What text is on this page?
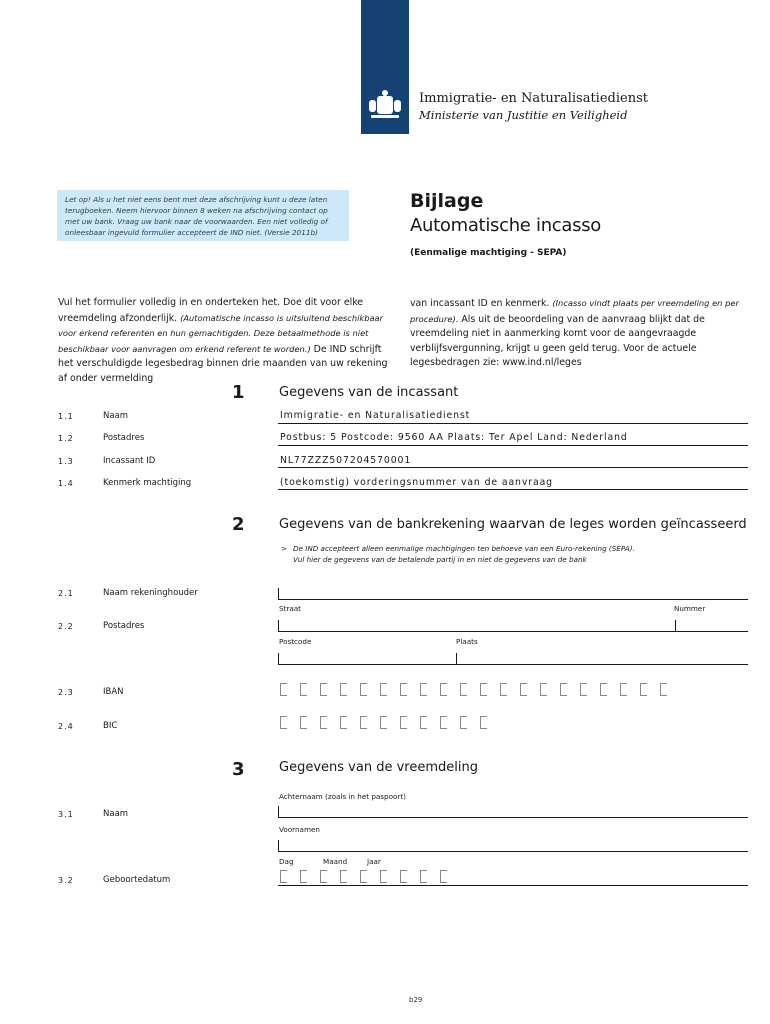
Immigratie- en Naturalisatiedienst
Ministerie van Justitie en Veiligheid
Let op! Als u het niet eens bent met deze afschrijving kunt u deze laten terugboeken. Neem hiervoor binnen 8 weken na afschrijving contact op met uw bank. Vraag uw bank naar de voorwaarden. Een niet volledig of onleesbaar ingevuld formulier accepteert de IND niet. (Versie 2011b)
Bijlage
Automatische incasso
(Eenmalige machtiging - SEPA)
Vul het formulier volledig in en onderteken het. Doe dit voor elke vreemdeling afzonderlijk. (Automatische incasso is uitsluitend beschikbaar voor erkend referenten en hun gemachtigden. Deze betaalmethode is niet beschikbaar voor aanvragen om erkend referent te worden.) De IND schrijft het verschuldigde legesbedrag binnen drie maanden van uw rekening af onder vermelding
van incassant ID en kenmerk. (Incasso vindt plaats per vreemdeling en per procedure). Als uit de beoordeling van de aanvraag blijkt dat de vreemdeling niet in aanmerking komt voor de aangevraagde verblijfsvergunning, krijgt u geen geld terug. Voor de actuele legesbedragen zie: www.ind.nl/leges
1	Gegevens van de incassant
1.1	Naam	Immigratie- en Naturalisatiedienst
1.2	Postadres	Postbus: 5 Postcode: 9560 AA Plaats: Ter Apel Land: Nederland
1.3	Incassant ID	NL77ZZZ507204570001
1.4	Kenmerk machtiging	(toekomstig) vorderingsnummer van de aanvraag
2	Gegevens van de bankrekening waarvan de leges worden geïncasseerd
> De IND accepteert alleen eenmalige machtigingen ten behoeve van een Euro-rekening (SEPA).
Vul hier de gegevens van de betalende partij in en niet de gegevens van de bank
2.1	Naam rekeninghouder
Straat	Nummer
2.2	Postadres
Postcode	Plaats
2.3	IBAN
2.4	BIC
3	Gegevens van de vreemdeling
Achternaam (zoals in het paspoort)
3.1	Naam
Voornamen
Dag	Maand	Jaar
3.2	Geboortedatum
b29
